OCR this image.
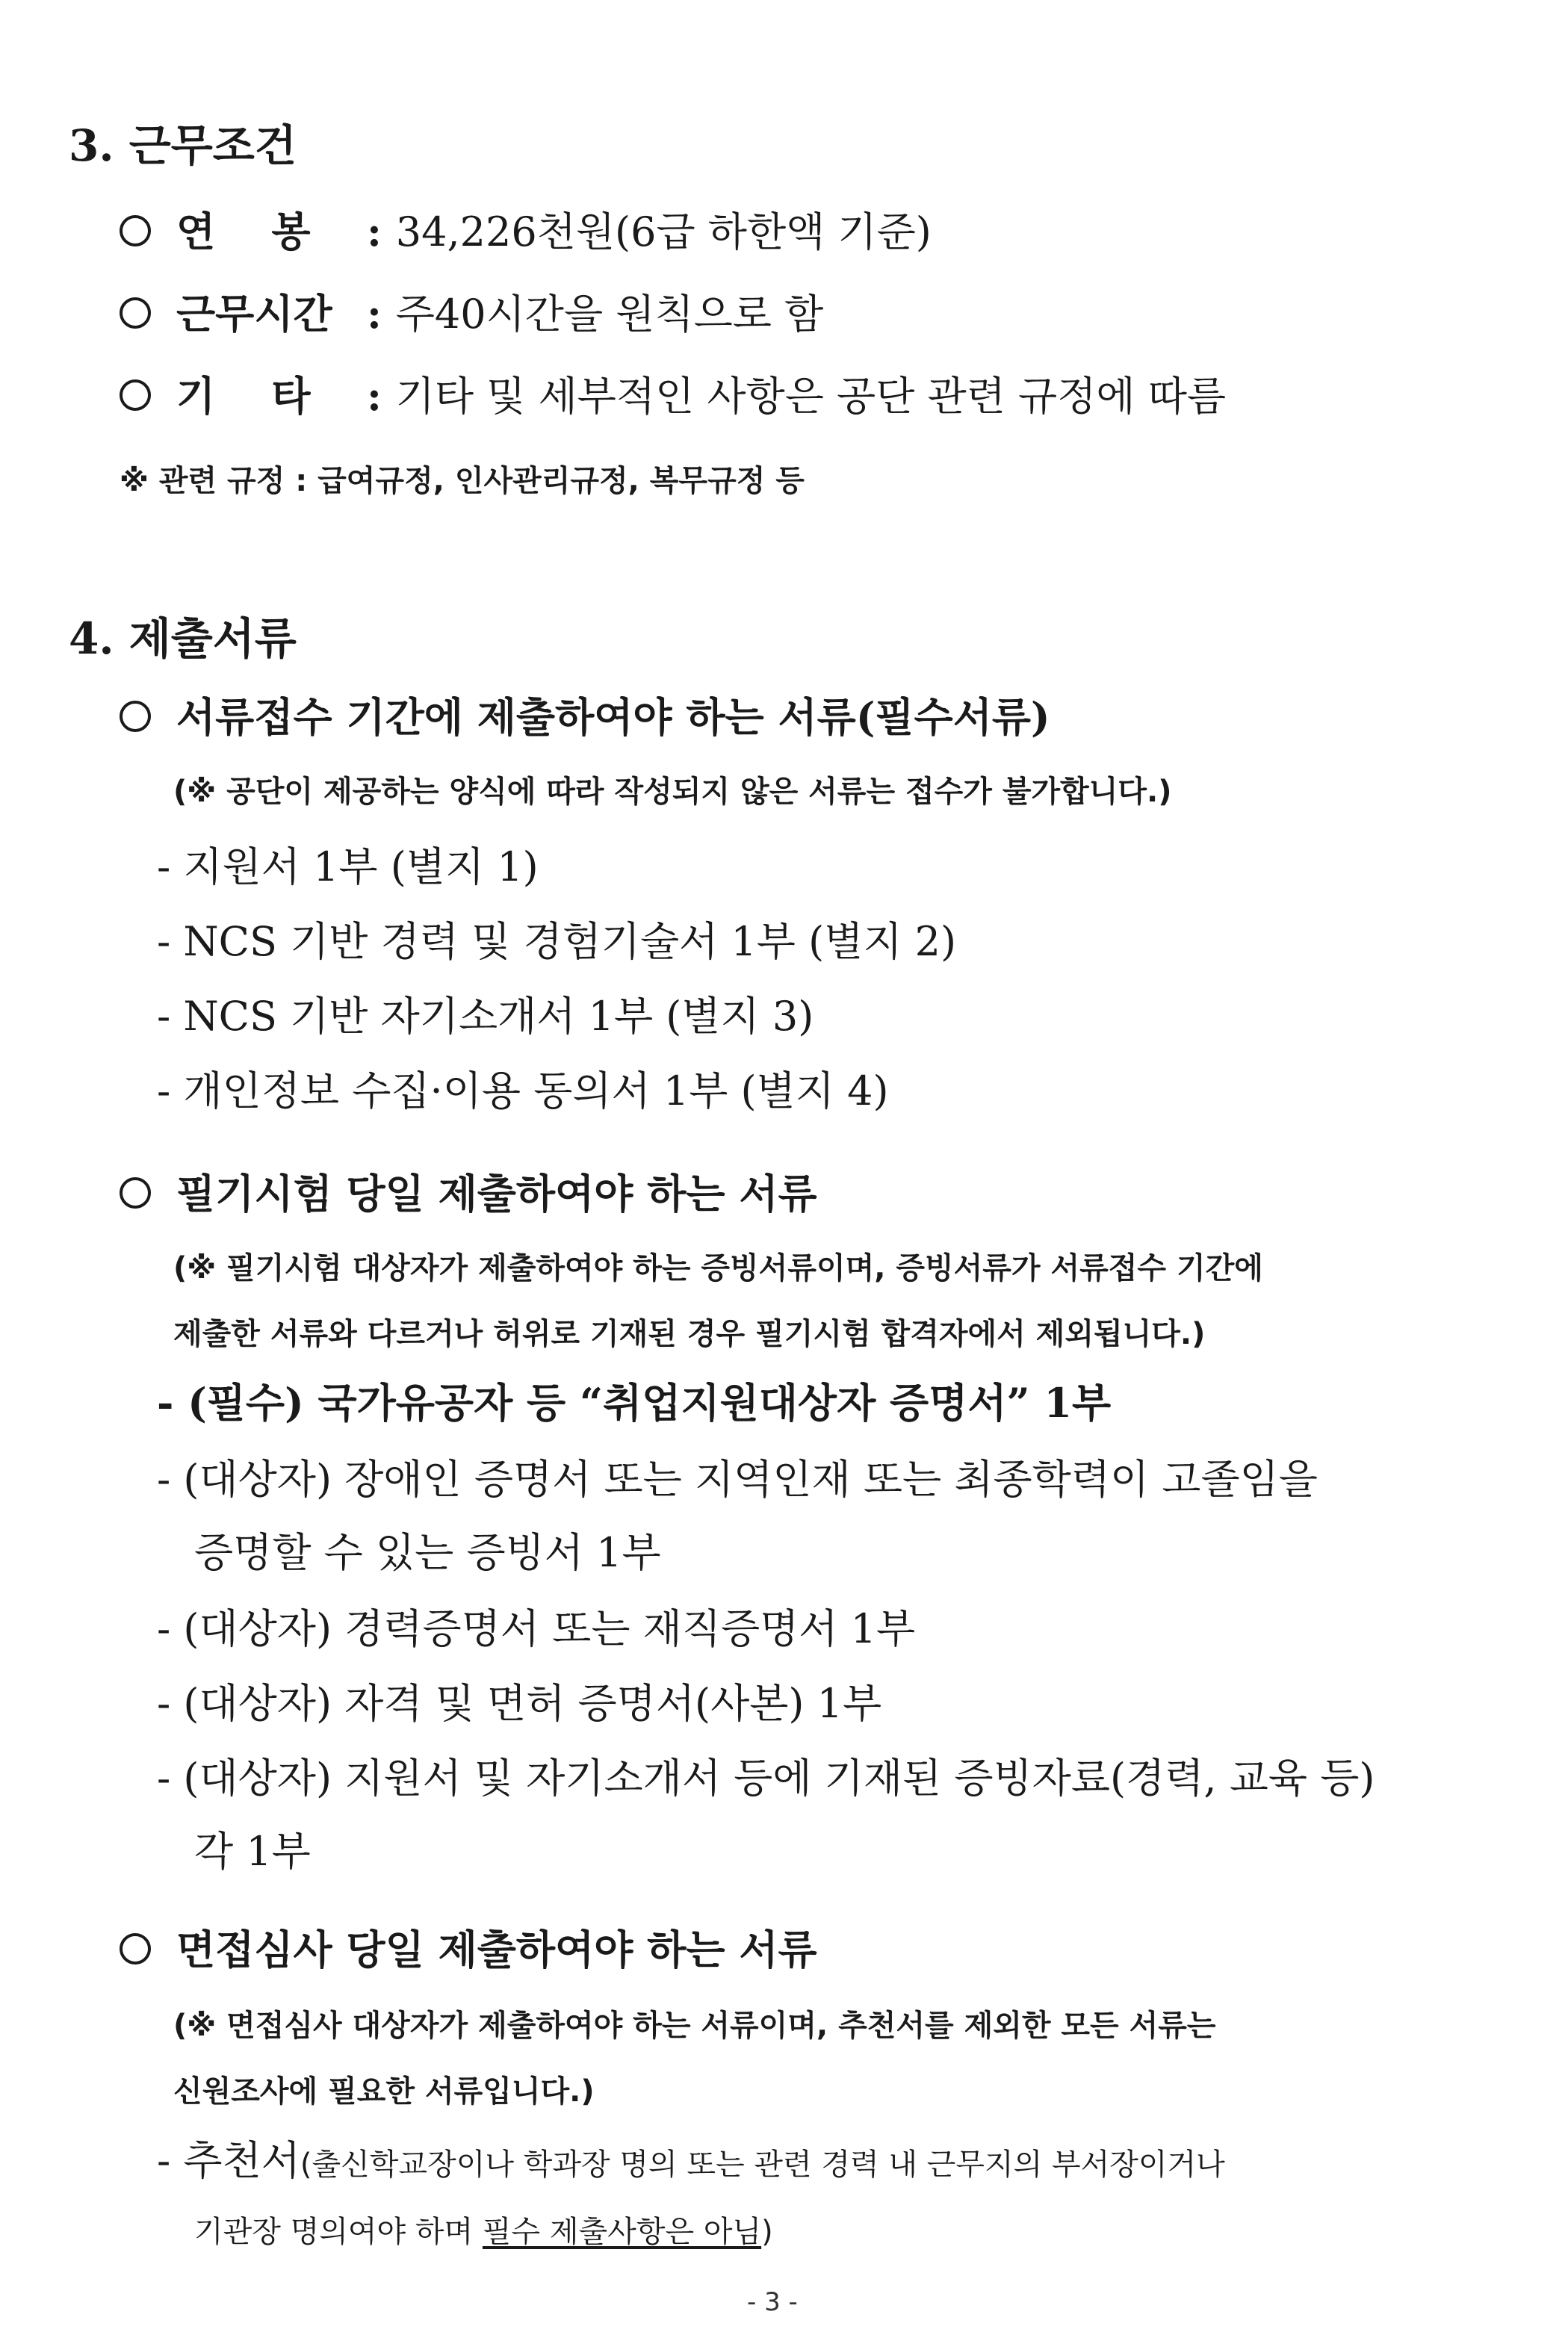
3. 근무조건
연    봉 : 34,226천원(6급 하한액 기준)
근무시간 : 주40시간을 원칙으로 함
기    타 : 기타 및 세부적인 사항은 공단 관련 규정에 따름
※ 관련 규정 : 급여규정, 인사관리규정, 복무규정 등
4. 제출서류
서류접수 기간에 제출하여야 하는 서류(필수서류)
(※ 공단이 제공하는 양식에 따라 작성되지 않은 서류는 접수가 불가합니다.)
- 지원서 1부 (별지 1)
- NCS 기반 경력 및 경험기술서 1부 (별지 2)
- NCS 기반 자기소개서 1부 (별지 3)
- 개인정보 수집·이용 동의서 1부 (별지 4)
필기시험 당일 제출하여야 하는 서류
(※ 필기시험 대상자가 제출하여야 하는 증빙서류이며, 증빙서류가 서류접수 기간에
제출한 서류와 다르거나 허위로 기재된 경우 필기시험 합격자에서 제외됩니다.)
- (필수) 국가유공자 등 “취업지원대상자 증명서” 1부
- (대상자) 장애인 증명서 또는 지역인재 또는 최종학력이 고졸임을
증명할 수 있는 증빙서 1부
- (대상자) 경력증명서 또는 재직증명서 1부
- (대상자) 자격 및 면허 증명서(사본) 1부
- (대상자) 지원서 및 자기소개서 등에 기재된 증빙자료(경력, 교육 등)
각 1부
면접심사 당일 제출하여야 하는 서류
(※ 면접심사 대상자가 제출하여야 하는 서류이며, 추천서를 제외한 모든 서류는
신원조사에 필요한 서류입니다.)
- 추천서(출신학교장이나 학과장 명의 또는 관련 경력 내 근무지의 부서장이거나
기관장 명의여야 하며 필수 제출사항은 아님)
- 3 -
